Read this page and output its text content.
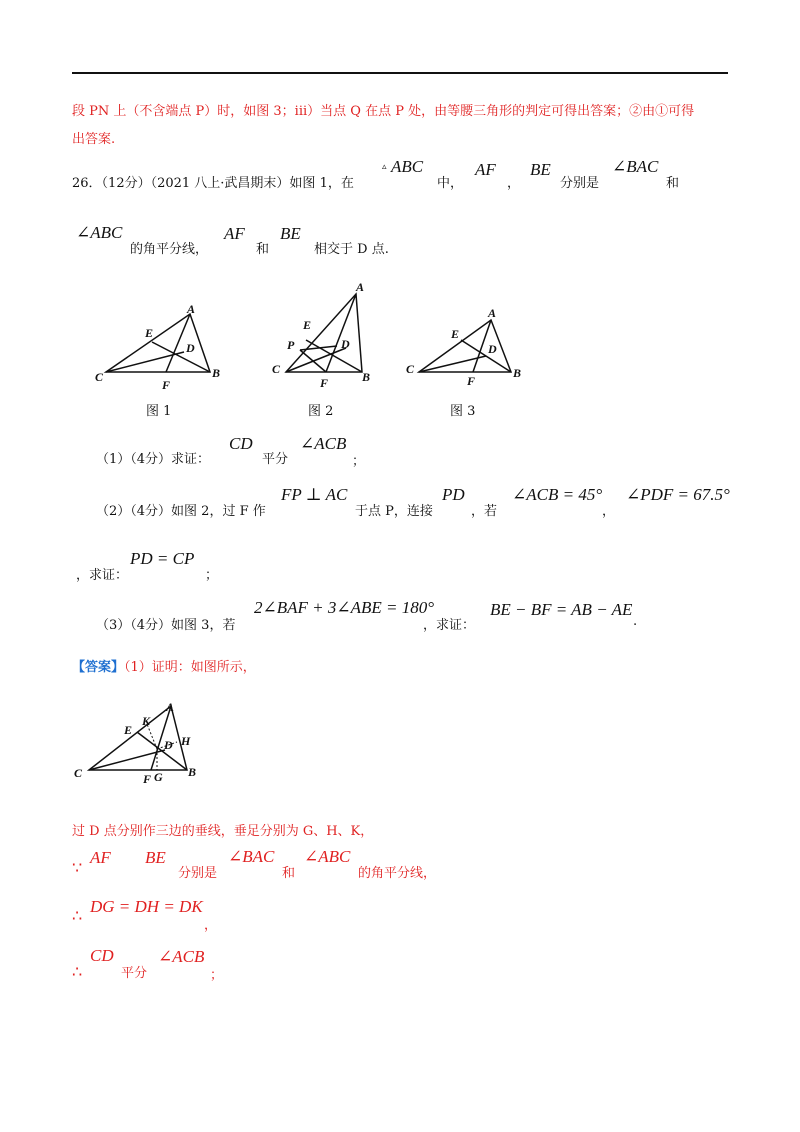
段 PN 上（不含端点 P）时，如图 3；iii）当点 Q 在点 P 处，由等腰三角形的判定可得出答案；②由①可得
出答案.
26．（12分）（2021 八上·武昌期末）如图 1，在
▵ ABC
中，
AF
，
BE
分别是
∠BAC
和
∠ABC
的角平分线，
AF
和
BE
相交于 D 点.
A
E
D
C
F
B
图 1
A
E
P	D
C
F	B
图 2
A
E
D
C
F
B
图 3
（1）（4分）求证：
CD
平分
∠ACB
；
（2）（4分）如图 2，过 F 作
FP ⊥ AC
于点 P，连接
PD
，若
∠ACB = 45°
，
∠PDF = 67.5°
，求证：
PD = CP
；
（3）（4分）如图 3，若
2∠BAF + 3∠ABE = 180°
，求证：
BE − BF = AB − AE
.
【答案】（1）证明：如图所示，
A
K
E
D H
C	F G B
过 D 点分别作三边的垂线，垂足分别为 G、H、K，
∵
AF BE
分别是
∠BAC
和
∠ABC
的角平分线，
∴ DG = DH = DK
，
∴
CD
平分
∠ACB
；
